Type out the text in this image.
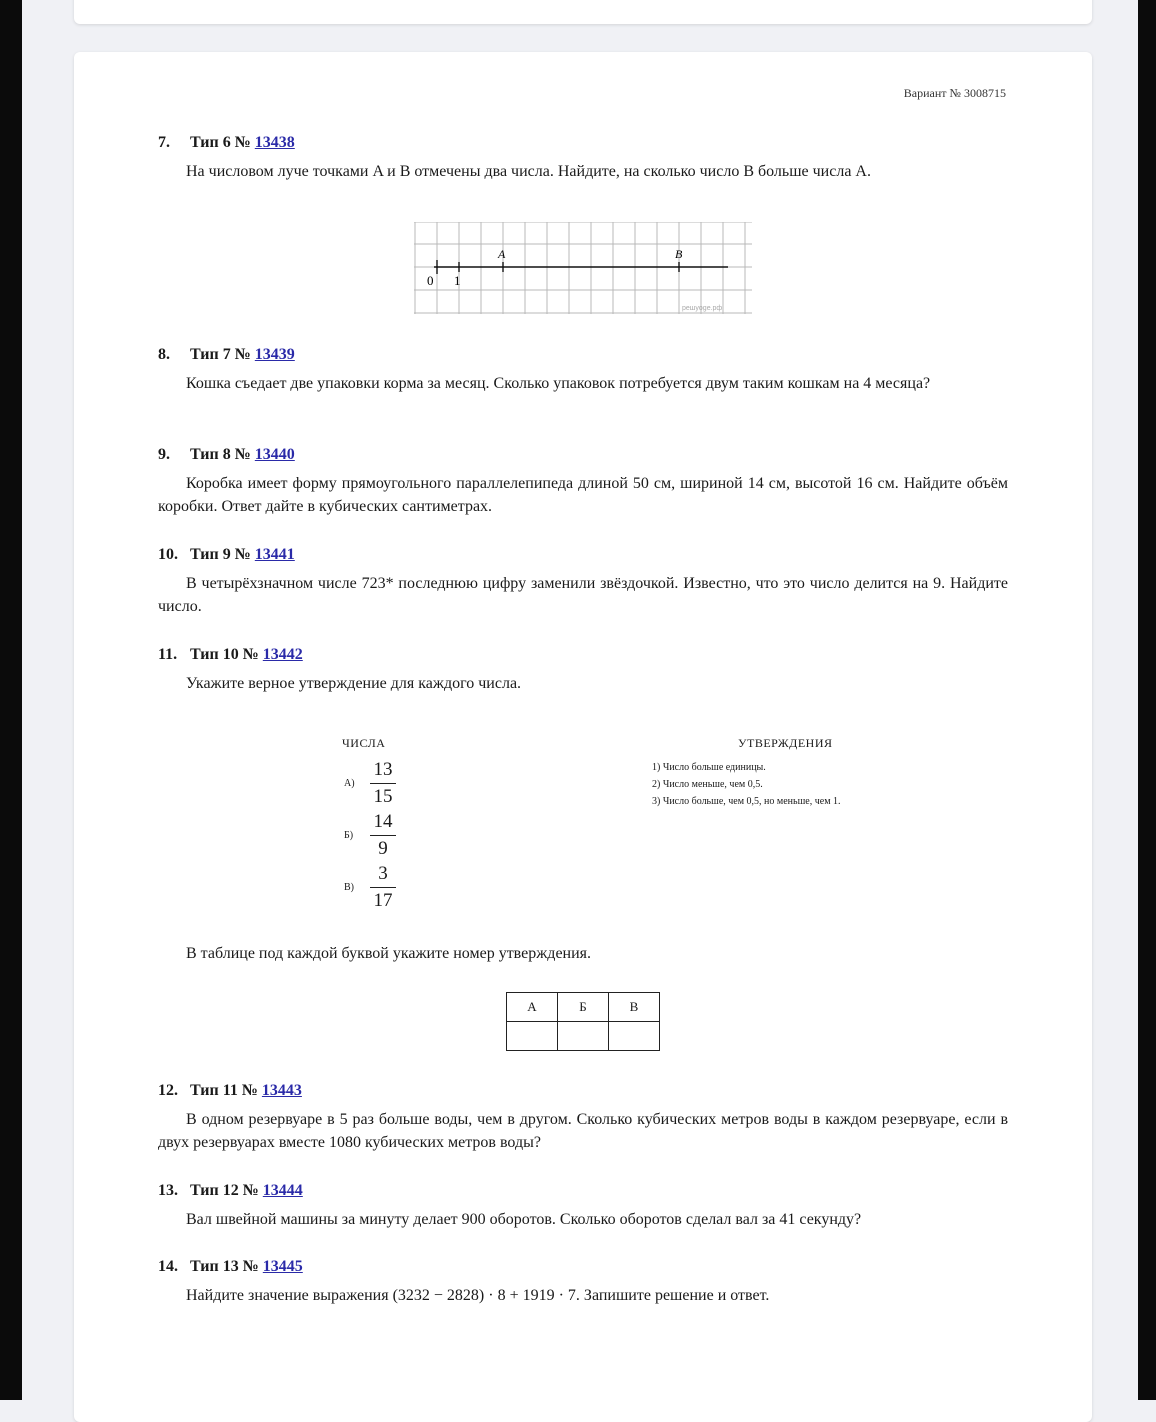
Вариант № 3008715
7. Тип 6 № 13438

На числовом луче точками A и B отмечены два числа. Найдите, на сколько число B больше числа A.

0 1
A	B
решуoge.рф
8. Тип 7 № 13439

Кошка съедает две упаковки корма за месяц. Сколько упаковок потребуется двум таким кошкам на 4 месяца?

9. Тип 8 № 13440

Коробка имеет форму прямоугольного параллелепипеда длиной 50 см, шириной 14 см, высотой 16 см. Найдите объём коробки. Ответ дайте в кубических сантиметрах.

10. Тип 9 № 13441

В четырёхзначном числе 723* последнюю цифру заменили звёздочкой. Известно, что это число делится на 9. Найдите число.

11. Тип 10 № 13442

Укажите верное утверждение для каждого числа.

ЧИСЛА	УТВЕРЖДЕНИЯ
А)
13
15
Б)
14
9
В)
3
17
1) Число больше единицы.
2) Число меньше, чем 0,5.
3) Число больше, чем 0,5, но меньше, чем 1.

В таблице под каждой буквой укажите номер утверждения.

А	Б	В

12. Тип 11 № 13443

В одном резервуаре в 5 раз больше воды, чем в другом. Сколько кубических метров воды в каждом резервуаре, если в двух резервуарах вместе 1080 кубических метров воды?

13. Тип 12 № 13444

Вал швейной машины за минуту делает 900 оборотов. Сколько оборотов сделал вал за 41 секунду?

14. Тип 13 № 13445

Найдите значение выражения (3232 − 2828) · 8 + 1919 · 7. Запишите решение и ответ.
